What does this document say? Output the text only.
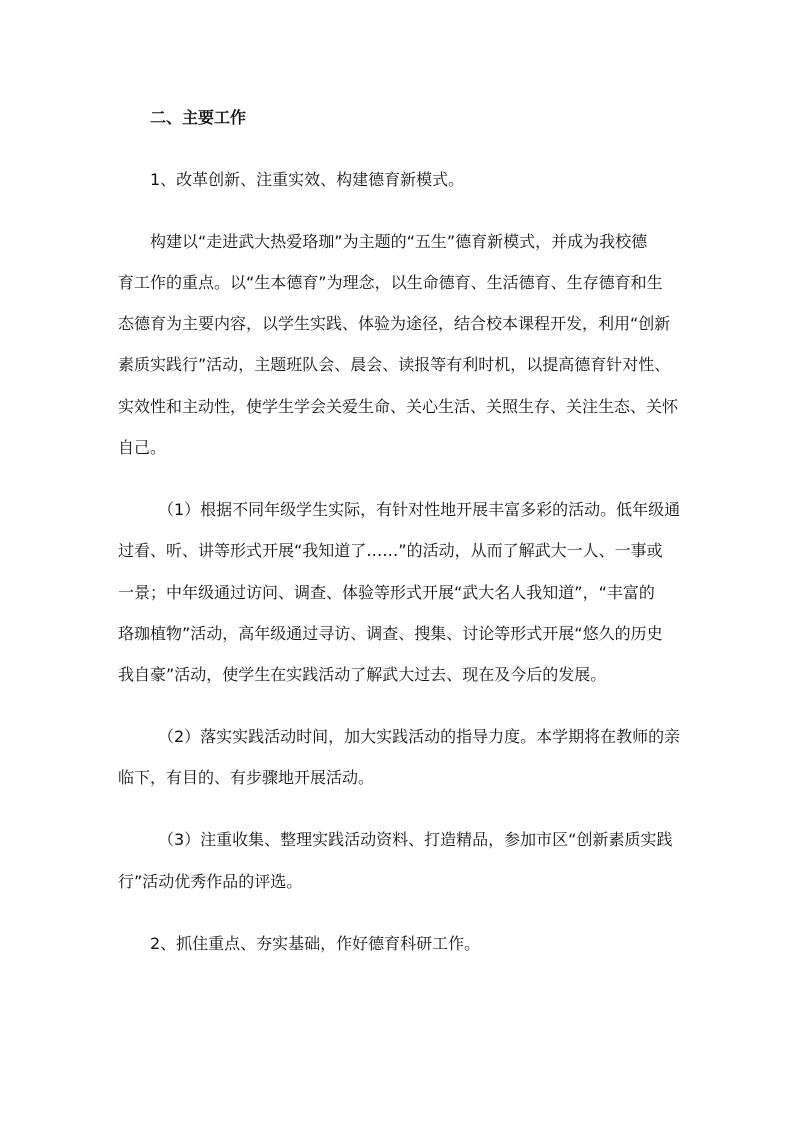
二、主要工作
1、改革创新、注重实效、构建德育新模式。
构建以“走进武大热爱珞珈”为主题的“五生”德育新模式，并成为我校德
育工作的重点。以“生本德育”为理念，以生命德育、生活德育、生存德育和生
态德育为主要内容，以学生实践、体验为途径，结合校本课程开发，利用“创新
素质实践行”活动，主题班队会、晨会、读报等有利时机，以提高德育针对性、
实效性和主动性，使学生学会关爱生命、关心生活、关照生存、关注生态、关怀
自己。
（1）根据不同年级学生实际，有针对性地开展丰富多彩的活动。低年级通
过看、听、讲等形式开展“我知道了……”的活动，从而了解武大一人、一事或
一景；中年级通过访问、调查、体验等形式开展“武大名人我知道”，“丰富的
珞珈植物”活动，高年级通过寻访、调查、搜集、讨论等形式开展“悠久的历史
我自豪”活动，使学生在实践活动了解武大过去、现在及今后的发展。
（2）落实实践活动时间，加大实践活动的指导力度。本学期将在教师的亲
临下，有目的、有步骤地开展活动。
（3）注重收集、整理实践活动资料、打造精品，参加市区“创新素质实践
行”活动优秀作品的评选。
2、抓住重点、夯实基础，作好德育科研工作。
